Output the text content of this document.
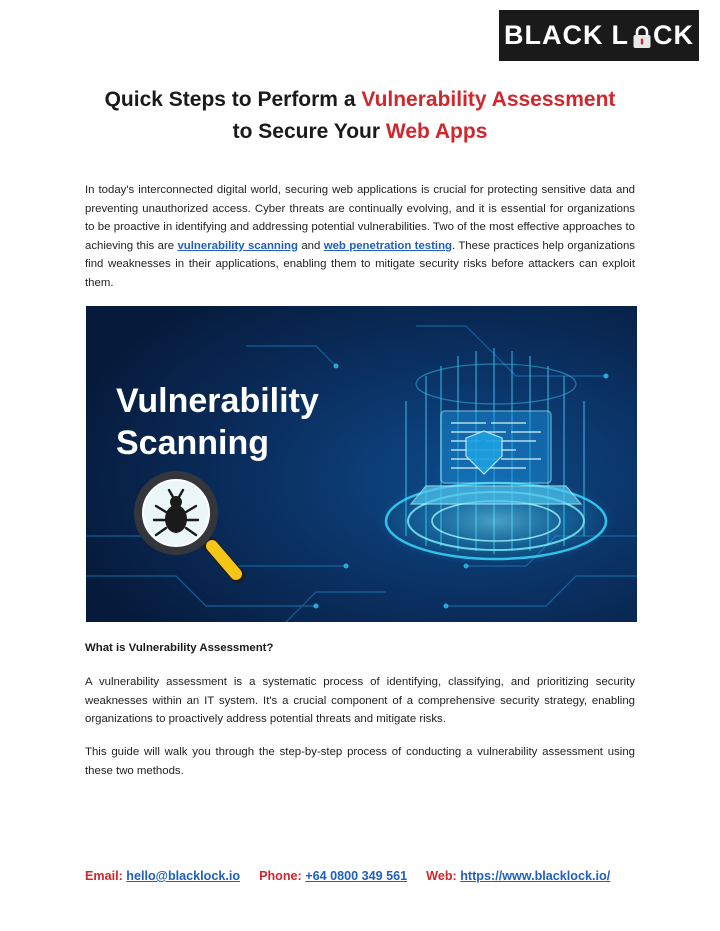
BLACK L CK
Quick Steps to Perform a Vulnerability Assessment
to Secure Your Web Apps

In today's interconnected digital world, securing web applications is crucial for protecting sensitive data and preventing unauthorized access. Cyber threats are continually evolving, and it is essential for organizations to be proactive in identifying and addressing potential vulnerabilities. Two of the most effective approaches to achieving this are vulnerability scanning and web penetration testing. These practices help organizations find weaknesses in their applications, enabling them to mitigate security risks before attackers can exploit them.

Vulnerability
Scanning
What is Vulnerability Assessment?

A vulnerability assessment is a systematic process of identifying, classifying, and prioritizing security weaknesses within an IT system. It's a crucial component of a comprehensive security strategy, enabling organizations to proactively address potential threats and mitigate risks.

This guide will walk you through the step-by-step process of conducting a vulnerability assessment using these two methods.

Email: hello@blacklock.io Phone: +64 0800 349 561 Web: https://www.blacklock.io/
